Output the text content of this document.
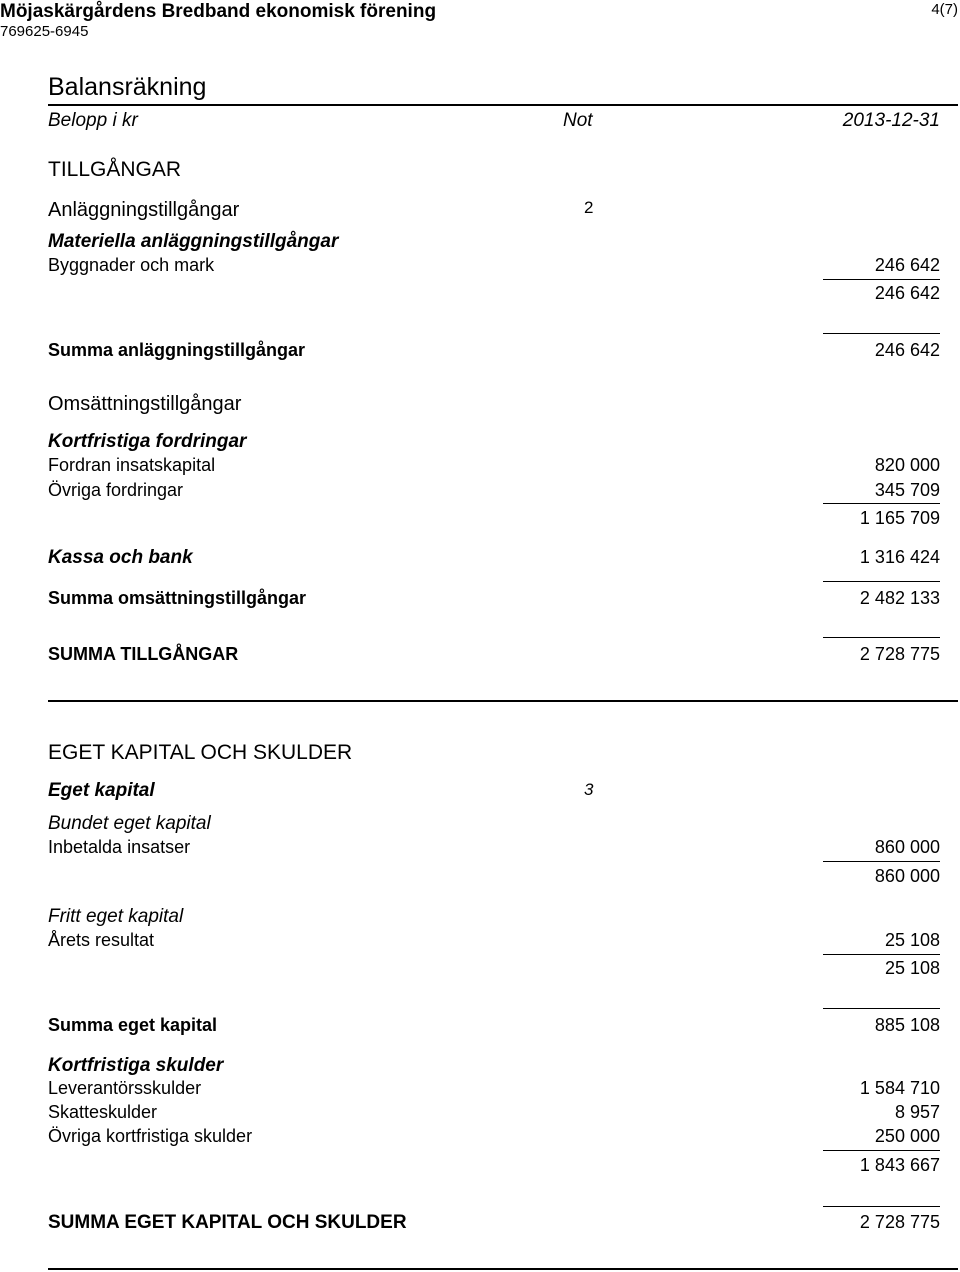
Möjaskärgårdens Bredband ekonomisk förening
769625-6945
4(7)
Balansräkning
Belopp i kr	Not	2013-12-31
TILLGÅNGAR
Anläggningstillgångar	2
Materiella anläggningstillgångar
Byggnader och mark	246 642
246 642
Summa anläggningstillgångar	246 642
Omsättningstillgångar
Kortfristiga fordringar
Fordran insatskapital	820 000
Övriga fordringar	345 709
1 165 709
Kassa och bank	1 316 424
Summa omsättningstillgångar	2 482 133
SUMMA TILLGÅNGAR	2 728 775
EGET KAPITAL OCH SKULDER
Eget kapital	3
Bundet eget kapital
Inbetalda insatser	860 000
860 000
Fritt eget kapital
Årets resultat	25 108
25 108
Summa eget kapital	885 108
Kortfristiga skulder
Leverantörsskulder	1 584 710
Skatteskulder	8 957
Övriga kortfristiga skulder	250 000
1 843 667
SUMMA EGET KAPITAL OCH SKULDER	2 728 775
